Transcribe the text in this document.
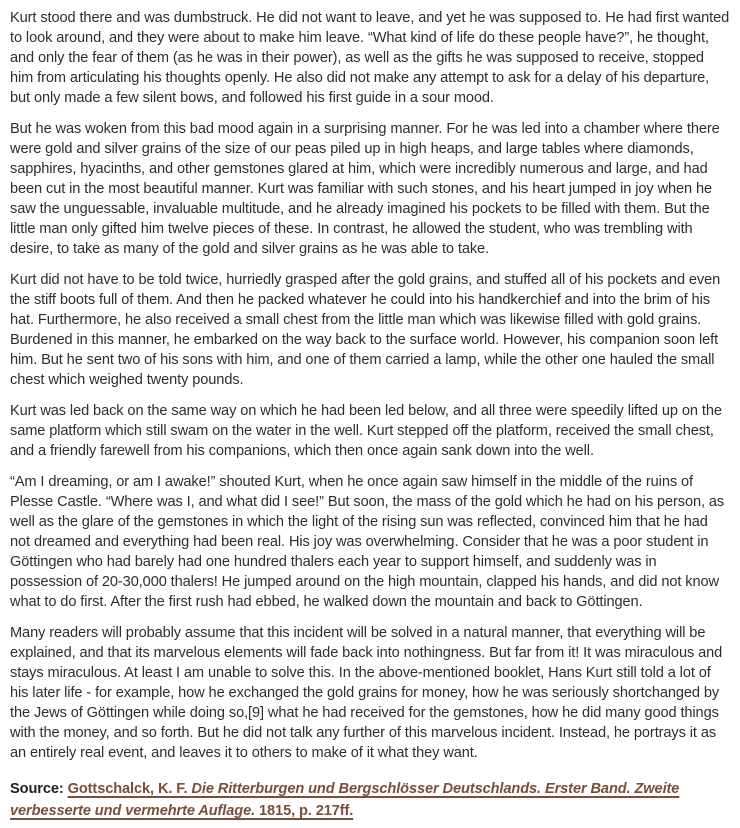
Kurt stood there and was dumbstruck. He did not want to leave, and yet he was supposed to. He had first wanted to look around, and they were about to make him leave. “What kind of life do these people have?”, he thought, and only the fear of them (as he was in their power), as well as the gifts he was supposed to receive, stopped him from articulating his thoughts openly. He also did not make any attempt to ask for a delay of his departure, but only made a few silent bows, and followed his first guide in a sour mood.

But he was woken from this bad mood again in a surprising manner. For he was led into a chamber where there were gold and silver grains of the size of our peas piled up in high heaps, and large tables where diamonds, sapphires, hyacinths, and other gemstones glared at him, which were incredibly numerous and large, and had been cut in the most beautiful manner. Kurt was familiar with such stones, and his heart jumped in joy when he saw the unguessable, invaluable multitude, and he already imagined his pockets to be filled with them. But the little man only gifted him twelve pieces of these. In contrast, he allowed the student, who was trembling with desire, to take as many of the gold and silver grains as he was able to take.

Kurt did not have to be told twice, hurriedly grasped after the gold grains, and stuffed all of his pockets and even the stiff boots full of them. And then he packed whatever he could into his handkerchief and into the brim of his hat. Furthermore, he also received a small chest from the little man which was likewise filled with gold grains. Burdened in this manner, he embarked on the way back to the surface world. However, his companion soon left him. But he sent two of his sons with him, and one of them carried a lamp, while the other one hauled the small chest which weighed twenty pounds.

Kurt was led back on the same way on which he had been led below, and all three were speedily lifted up on the same platform which still swam on the water in the well. Kurt stepped off the platform, received the small chest, and a friendly farewell from his companions, which then once again sank down into the well.

“Am I dreaming, or am I awake!” shouted Kurt, when he once again saw himself in the middle of the ruins of Plesse Castle. “Where was I, and what did I see!” But soon, the mass of the gold which he had on his person, as well as the glare of the gemstones in which the light of the rising sun was reflected, convinced him that he had not dreamed and everything had been real. His joy was overwhelming. Consider that he was a poor student in Göttingen who had barely had one hundred thalers each year to support himself, and suddenly was in possession of 20-30,000 thalers! He jumped around on the high mountain, clapped his hands, and did not know what to do first. After the first rush had ebbed, he walked down the mountain and back to Göttingen.

Many readers will probably assume that this incident will be solved in a natural manner, that everything will be explained, and that its marvelous elements will fade back into nothingness. But far from it! It was miraculous and stays miraculous. At least I am unable to solve this. In the above-mentioned booklet, Hans Kurt still told a lot of his later life - for example, how he exchanged the gold grains for money, how he was seriously shortchanged by the Jews of Göttingen while doing so,[9] what he had received for the gemstones, how he did many good things with the money, and so forth. But he did not talk any further of this marvelous incident. Instead, he portrays it as an entirely real event, and leaves it to others to make of it what they want.

Source: Gottschalck, K. F. Die Ritterburgen und Bergschlösser Deutschlands. Erster Band. Zweite verbesserte und vermehrte Auflage. 1815, p. 217ff.
